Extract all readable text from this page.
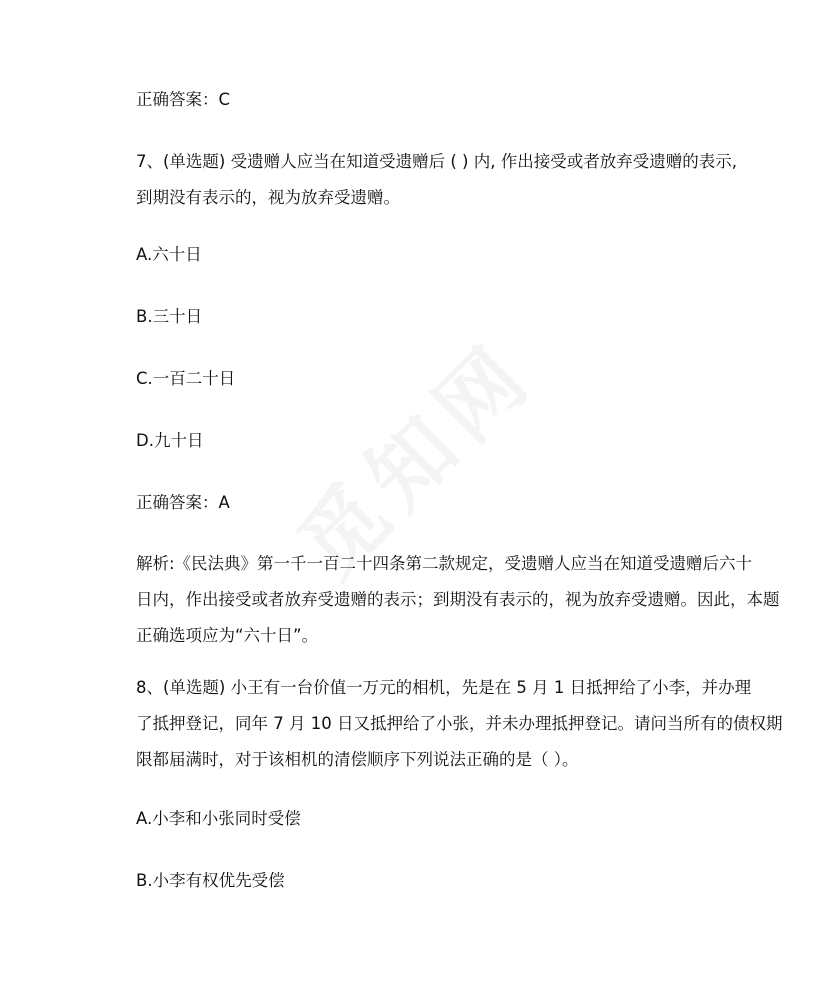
正确答案：C

7、(单选题) 受遗赠人应当在知道受遗赠后 ( ) 内, 作出接受或者放弃受遗赠的表示,
到期没有表示的，视为放弃受遗赠。

A.六十日

B.三十日

C.一百二十日

D.九十日

正确答案：A

解析:《民法典》第一千一百二十四条第二款规定，受遗赠人应当在知道受遗赠后六十
日内，作出接受或者放弃受遗赠的表示；到期没有表示的，视为放弃受遗赠。因此，本题
正确选项应为“六十日”。
8、(单选题) 小王有一台价值一万元的相机，先是在 5 月 1 日抵押给了小李，并办理
了抵押登记，同年 7 月 10 日又抵押给了小张，并未办理抵押登记。请问当所有的债权期
限都届满时，对于该相机的清偿顺序下列说法正确的是（ ）。

A.小李和小张同时受偿

B.小李有权优先受偿
